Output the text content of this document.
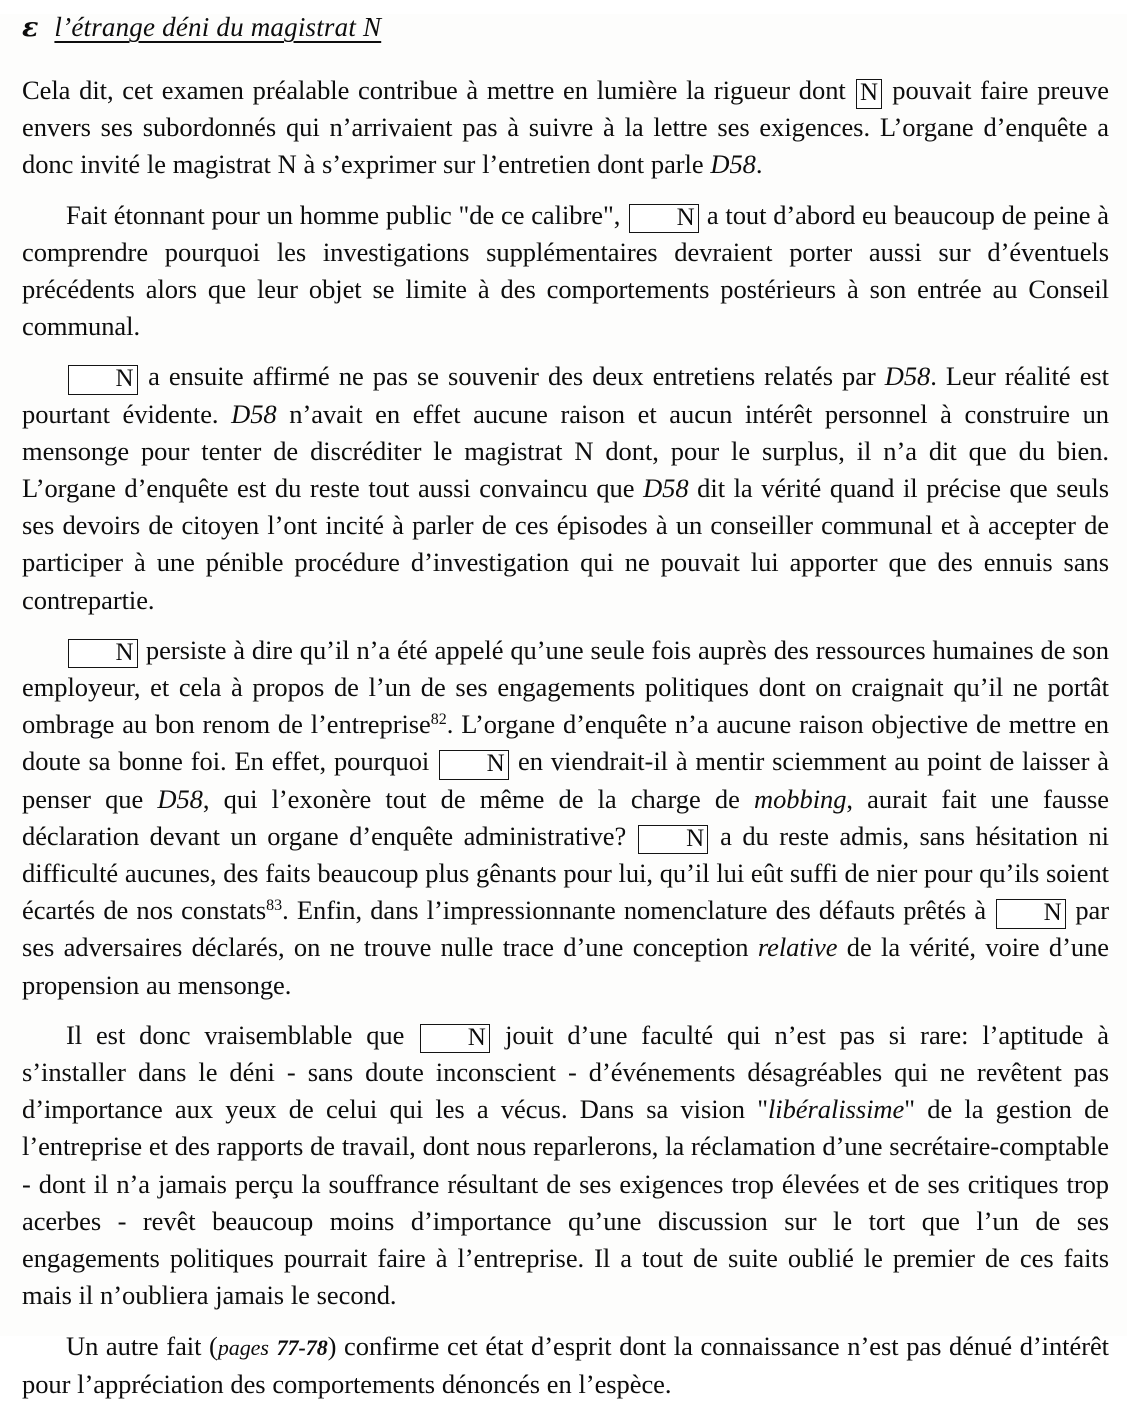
ε l’étrange déni du magistrat N

Cela dit, cet examen préalable contribue à mettre en lumière la rigueur dont N pouvait faire preuve envers ses subordonnés qui n’arrivaient pas à suivre à la lettre ses exigences. L’organe d’enquête a donc invité le magistrat N à s’exprimer sur l’entretien dont parle D58.

Fait étonnant pour un homme public "de ce calibre", N a tout d’abord eu beaucoup de peine à comprendre pourquoi les investigations supplémentaires devraient porter aussi sur d’éventuels précédents alors que leur objet se limite à des comportements postérieurs à son entrée au Conseil communal.

N a ensuite affirmé ne pas se souvenir des deux entretiens relatés par D58. Leur réalité est pourtant évidente. D58 n’avait en effet aucune raison et aucun intérêt personnel à construire un mensonge pour tenter de discréditer le magistrat N dont, pour le surplus, il n’a dit que du bien. L’organe d’enquête est du reste tout aussi convaincu que D58 dit la vérité quand il précise que seuls ses devoirs de citoyen l’ont incité à parler de ces épisodes à un conseiller communal et à accepter de participer à une pénible procédure d’investigation qui ne pouvait lui apporter que des ennuis sans contrepartie.

N persiste à dire qu’il n’a été appelé qu’une seule fois auprès des ressources humaines de son employeur, et cela à propos de l’un de ses engagements politiques dont on craignait qu’il ne portât ombrage au bon renom de l’entreprise$^{82}$. L’organe d’enquête n’a aucune raison objective de mettre en doute sa bonne foi. En effet, pourquoi N en viendrait-il à mentir sciemment au point de laisser à penser que D58, qui l’exonère tout de même de la charge de mobbing, aurait fait une fausse déclaration devant un organe d’enquête administrative? N a du reste admis, sans hésitation ni difficulté aucunes, des faits beaucoup plus gênants pour lui, qu’il lui eût suffi de nier pour qu’ils soient écartés de nos constats$^{83}$. Enfin, dans l’impressionnante nomenclature des défauts prêtés à N par ses adversaires déclarés, on ne trouve nulle trace d’une conception relative de la vérité, voire d’une propension au mensonge.

Il est donc vraisemblable que N jouit d’une faculté qui n’est pas si rare: l’aptitude à s’installer dans le déni - sans doute inconscient - d’événements désagréables qui ne revêtent pas d’importance aux yeux de celui qui les a vécus. Dans sa vision "libéralissime" de la gestion de l’entreprise et des rapports de travail, dont nous reparlerons, la réclamation d’une secrétaire-comptable - dont il n’a jamais perçu la souffrance résultant de ses exigences trop élevées et de ses critiques trop acerbes - revêt beaucoup moins d’importance qu’une discussion sur le tort que l’un de ses engagements politiques pourrait faire à l’entreprise. Il a tout de suite oublié le premier de ces faits mais il n’oubliera jamais le second.

Un autre fait (pages 77-78) confirme cet état d’esprit dont la connaissance n’est pas dénué d’intérêt pour l’appréciation des comportements dénoncés en l’espèce.
